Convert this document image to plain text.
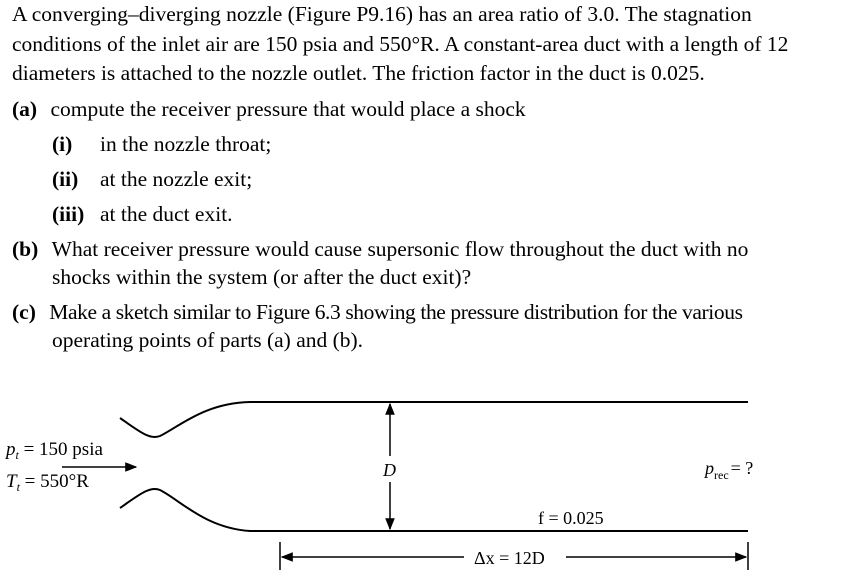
A converging–diverging nozzle (Figure P9.16) has an area ratio of 3.0. The stagnation conditions of the inlet air are 150 psia and 550°R. A constant-area duct with a length of 12 diameters is attached to the nozzle outlet. The friction factor in the duct is 0.025.
(a) compute the receiver pressure that would place a shock
(i) in the nozzle throat;
(ii) at the nozzle exit;
(iii) at the duct exit.
(b) What receiver pressure would cause supersonic flow throughout the duct with no
shocks within the system (or after the duct exit)?
(c) Make a sketch similar to Figure 6.3 showing the pressure distribution for the various
operating points of parts (a) and (b).
$p_t = 150$ psia
$T_t = 550^\circ R$
D	$p_{rec}$ = ?
f = 0.025
Δx = 12D
